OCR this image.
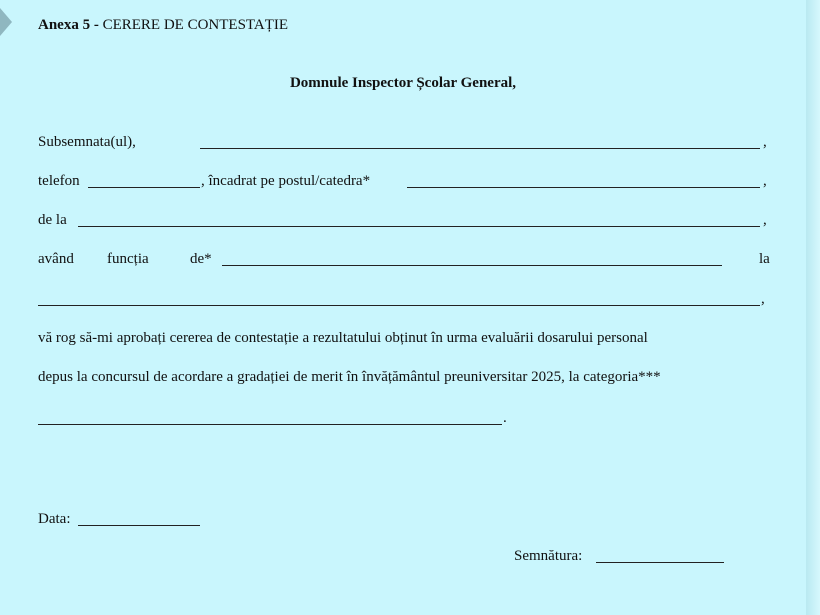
Anexa 5 - CERERE DE CONTESTAȚIE
Domnule Inspector Școlar General,
Subsemnata(ul),	,
telefon	, încadrat pe postul/catedra*	,
de la	,
având funcția	de*	la
,
vă rog să-mi aprobați cererea de contestație a rezultatului obținut în urma evaluării dosarului personal
depus la concursul de acordare a gradației de merit în învățământul preuniversitar 2025, la categoria***
.
Data:
Semnătura:
